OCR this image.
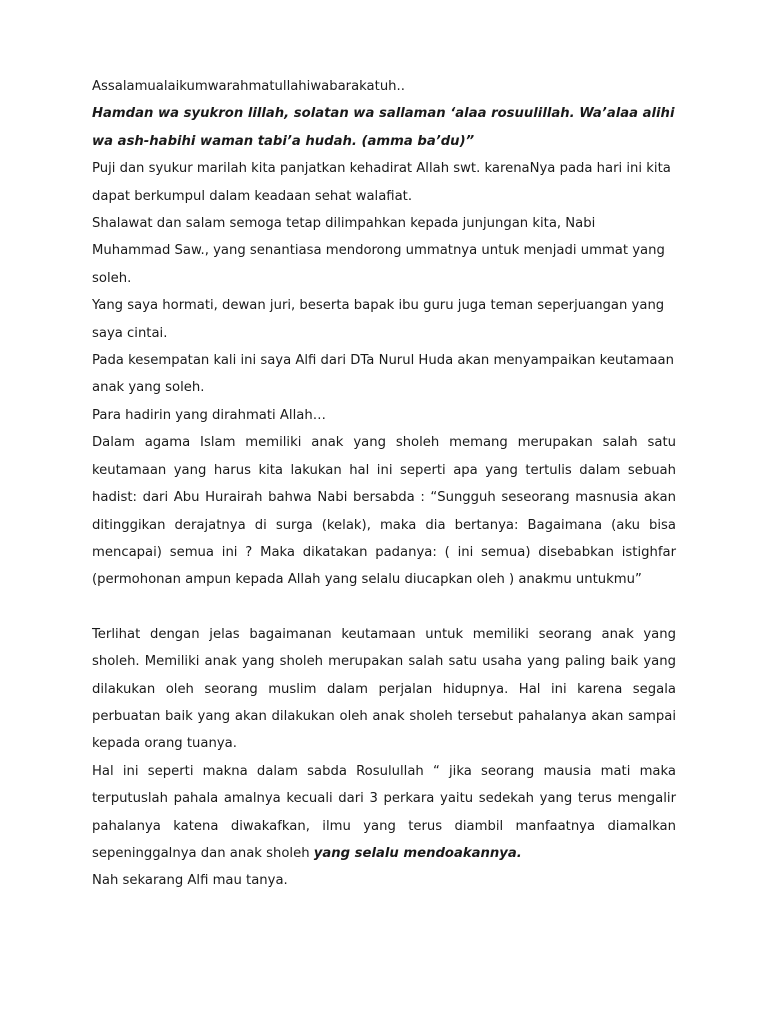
Assalamualaikumwarahmatullahiwabarakatuh..

Hamdan wa syukron lillah, solatan wa sallaman ‘alaa rosuulillah. Wa’alaa alihi wa ash-habihi waman tabi’a hudah. (amma ba’du)”

Puji dan syukur marilah kita panjatkan kehadirat Allah swt. karenaNya pada hari ini kita dapat berkumpul dalam keadaan sehat walafiat.

Shalawat dan salam semoga tetap dilimpahkan kepada junjungan kita, Nabi Muhammad Saw., yang senantiasa mendorong ummatnya untuk menjadi ummat yang soleh.

Yang saya hormati, dewan juri, beserta bapak ibu guru juga teman seperjuangan yang saya cintai.

Pada kesempatan kali ini saya Alfi dari DTa Nurul Huda akan menyampaikan keutamaan anak yang soleh.

Para hadirin yang dirahmati Allah…

Dalam agama Islam memiliki anak yang sholeh memang merupakan salah satu keutamaan yang harus kita lakukan hal ini seperti apa yang tertulis dalam sebuah hadist: dari Abu Hurairah bahwa Nabi bersabda : “Sungguh seseorang masnusia akan ditinggikan derajatnya di surga (kelak), maka dia bertanya: Bagaimana (aku bisa mencapai) semua ini ? Maka dikatakan padanya: ( ini semua) disebabkan istighfar (permohonan ampun kepada Allah yang selalu diucapkan oleh ) anakmu untukmu”

Terlihat dengan jelas bagaimanan keutamaan untuk memiliki seorang anak yang sholeh. Memiliki anak yang sholeh merupakan salah satu usaha yang paling baik yang dilakukan oleh seorang muslim dalam perjalan hidupnya. Hal ini karena segala perbuatan baik yang akan dilakukan oleh anak sholeh tersebut pahalanya akan sampai kepada orang tuanya.

Hal ini seperti makna dalam sabda Rosulullah “ jika seorang mausia mati maka terputuslah pahala amalnya kecuali dari 3 perkara yaitu sedekah yang terus mengalir pahalanya katena diwakafkan, ilmu yang terus diambil manfaatnya diamalkan sepeninggalnya dan anak sholeh yang selalu mendoakannya.

Nah sekarang Alfi mau tanya.
